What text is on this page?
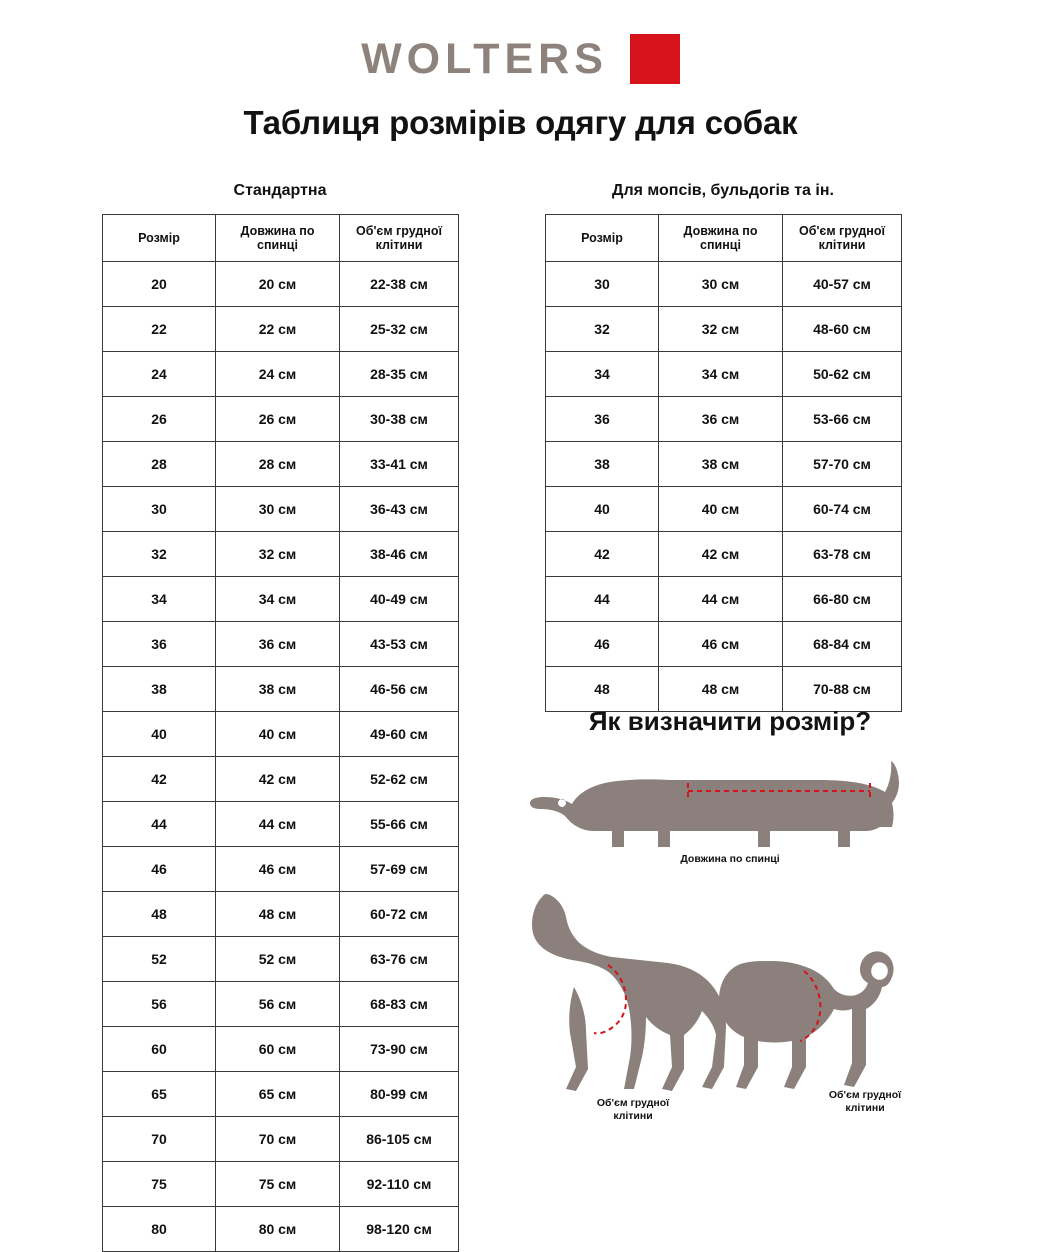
WOLTERS
Таблиця розмірів одягу для собак
Стандартна
Розмір	Довжина по спинці	Об'єм грудної клітини
20	20 см	22-38 см
22	22 см	25-32 см
24	24 см	28-35 см
26	26 см	30-38 см
28	28 см	33-41 см
30	30 см	36-43 см
32	32 см	38-46 см
34	34 см	40-49 см
36	36 см	43-53 см
38	38 см	46-56 см
40	40 см	49-60 см
42	42 см	52-62 см
44	44 см	55-66 см
46	46 см	57-69 см
48	48 см	60-72 см
52	52 см	63-76 см
56	56 см	68-83 см
60	60 см	73-90 см
65	65 см	80-99 см
70	70 см	86-105 см
75	75 см	92-110 см
80	80 см	98-120 см
Для мопсів, бульдогів та ін.
Розмір	Довжина по спинці	Об'єм грудної клітини
30	30 см	40-57 см
32	32 см	48-60 см
34	34 см	50-62 см
36	36 см	53-66 см
38	38 см	57-70 см
40	40 см	60-74 см
42	42 см	63-78 см
44	44 см	66-80 см
46	46 см	68-84 см
48	48 см	70-88 см
Як визначити розмір?
Довжина по спинці
Об'єм грудної клітини
Об'єм грудної клітини
